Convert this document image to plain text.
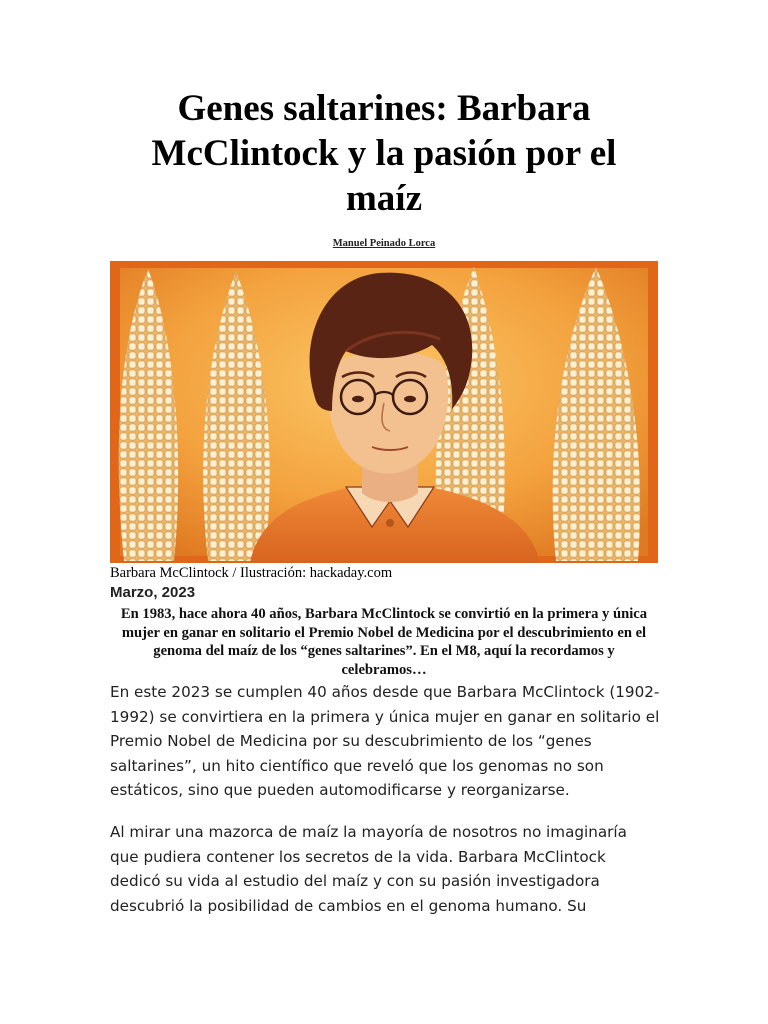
Genes saltarines: Barbara McClintock y la pasión por el maíz
Manuel Peinado Lorca
Barbara McClintock / Ilustración: hackaday.com
Marzo, 2023

En 1983, hace ahora 40 años, Barbara McClintock se convirtió en la primera y única mujer en ganar en solitario el Premio Nobel de Medicina por el descubrimiento en el genoma del maíz de los “genes saltarines”. En el M8, aquí la recordamos y celebramos…

En este 2023 se cumplen 40 años desde que Barbara McClintock (1902-1992) se convirtiera en la primera y única mujer en ganar en solitario el Premio Nobel de Medicina por su descubrimiento de los “genes saltarines”, un hito científico que reveló que los genomas no son estáticos, sino que pueden automodificarse y reorganizarse.

Al mirar una mazorca de maíz la mayoría de nosotros no imaginaría que pudiera contener los secretos de la vida. Barbara McClintock dedicó su vida al estudio del maíz y con su pasión investigadora descubrió la posibilidad de cambios en el genoma humano. Su
